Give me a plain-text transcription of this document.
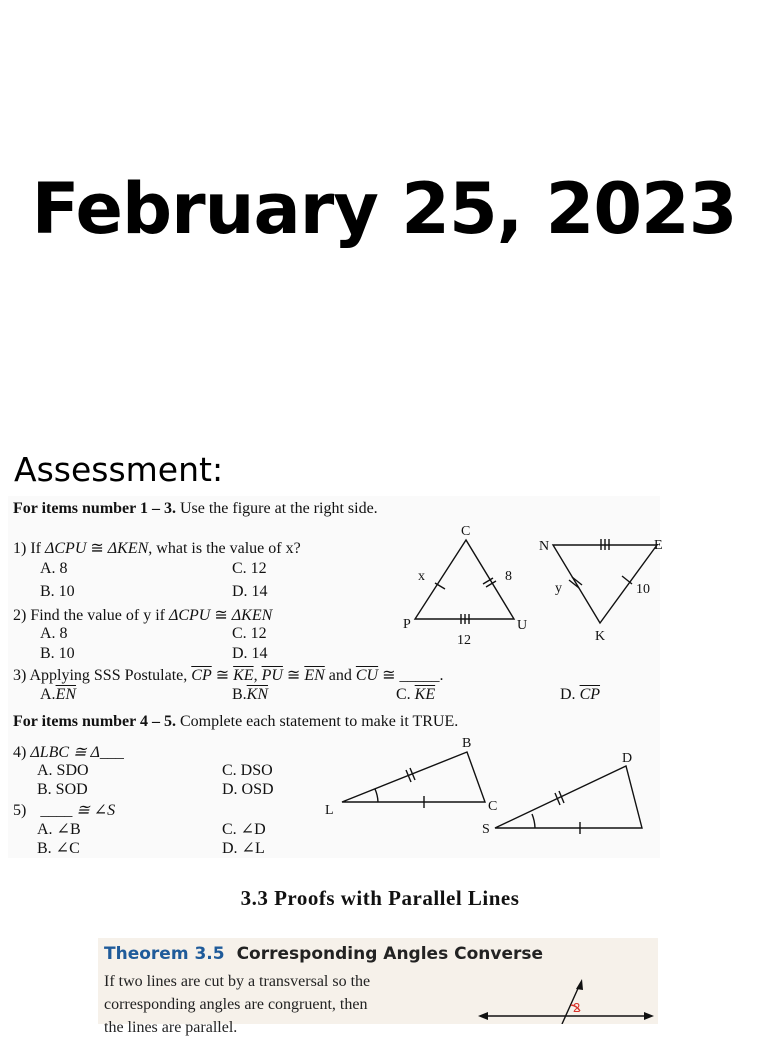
February 25, 2023
Assessment:
For items number 1 – 3. Use the figure at the right side.
1) If ΔCPU ≅ ΔKEN, what is the value of x?
A. 8	C. 12
B. 10	D. 14
2) Find the value of y if ΔCPU ≅ ΔKEN
A. 8	C. 12
B. 10	D. 14
3) Applying SSS Postulate, $\overline{CP}$ ≅ $\overline{KE}$, $\overline{PU}$ ≅ $\overline{EN}$ and $\overline{CU}$ ≅ _____.
$A.\overline{EN}$	$B.\overline{KN}$	C. $\overline{KE}$	D. $\overline{CP}$
C
P	U
x	8
12
N	E
K
y	10
For items number 4 – 5. Complete each statement to make it TRUE.
4) ΔLBC ≅ Δ___
A. SDO	C. DSO
B. SOD	D. OSD
5) ____ ≅ ∠S
A. ∠B	C. ∠D
B. ∠C	D. ∠L
B
L	C
D
S
3.3 Proofs with Parallel Lines
Theorem 3.5 Corresponding Angles Converse
If two lines are cut by a transversal so the
corresponding angles are congruent, then
the lines are parallel.
2
